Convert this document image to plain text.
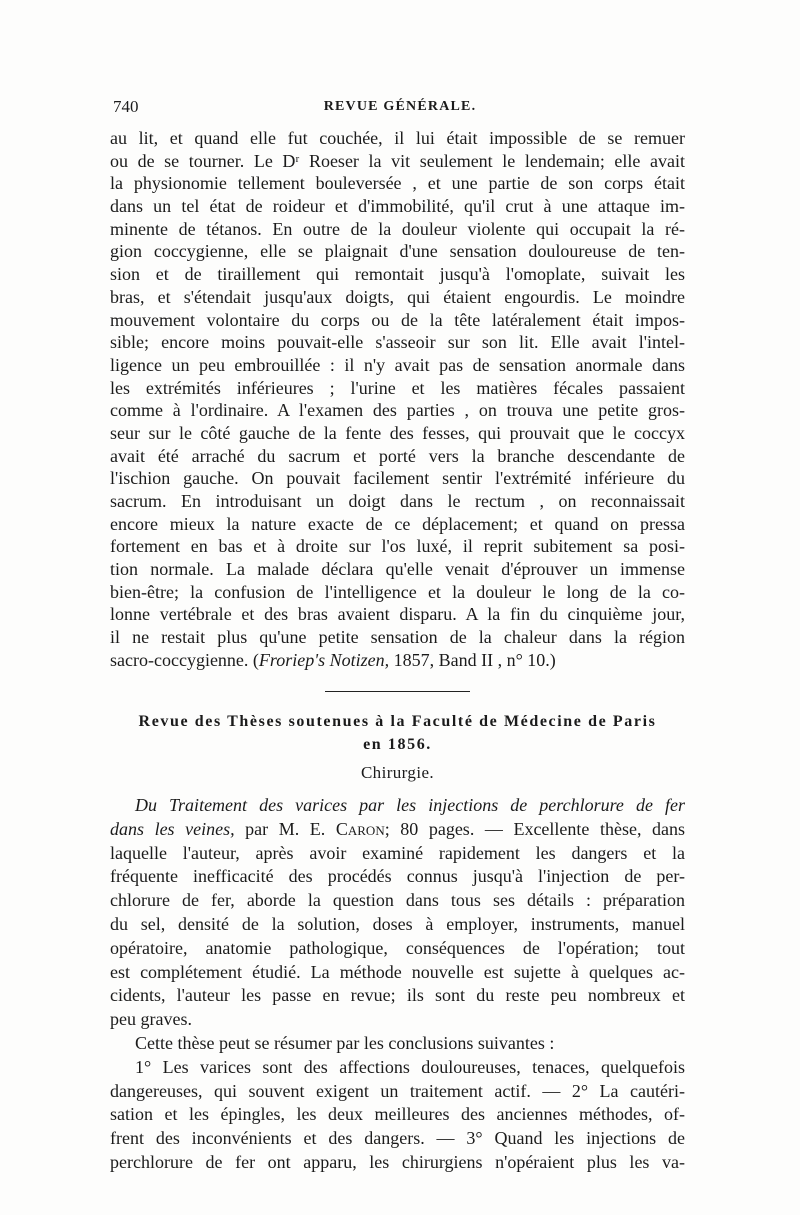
740	REVUE GÉNÉRALE.
au lit, et quand elle fut couchée, il lui était impossible de se remuer
ou de se tourner. Le Dʳ Roeser la vit seulement le lendemain; elle avait
la physionomie tellement bouleversée , et une partie de son corps était
dans un tel état de roideur et d'immobilité, qu'il crut à une attaque im-
minente de tétanos. En outre de la douleur violente qui occupait la ré-
gion coccygienne, elle se plaignait d'une sensation douloureuse de ten-
sion et de tiraillement qui remontait jusqu'à l'omoplate, suivait les
bras, et s'étendait jusqu'aux doigts, qui étaient engourdis. Le moindre
mouvement volontaire du corps ou de la tête latéralement était impos-
sible; encore moins pouvait-elle s'asseoir sur son lit. Elle avait l'intel-
ligence un peu embrouillée : il n'y avait pas de sensation anormale dans
les extrémités inférieures ; l'urine et les matières fécales passaient
comme à l'ordinaire. A l'examen des parties , on trouva une petite gros-
seur sur le côté gauche de la fente des fesses, qui prouvait que le coccyx
avait été arraché du sacrum et porté vers la branche descendante de
l'ischion gauche. On pouvait facilement sentir l'extrémité inférieure du
sacrum. En introduisant un doigt dans le rectum , on reconnaissait
encore mieux la nature exacte de ce déplacement; et quand on pressa
fortement en bas et à droite sur l'os luxé, il reprit subitement sa posi-
tion normale. La malade déclara qu'elle venait d'éprouver un immense
bien-être; la confusion de l'intelligence et la douleur le long de la co-
lonne vertébrale et des bras avaient disparu. A la fin du cinquième jour,
il ne restait plus qu'une petite sensation de la chaleur dans la région
sacro-coccygienne. (Froriep's Notizen, 1857, Band II , n° 10.)
Revue des Thèses soutenues à la Faculté de Médecine de Paris
en 1856.
Chirurgie.
Du Traitement des varices par les injections de perchlorure de fer
dans les veines, par M. E. Caron; 80 pages. — Excellente thèse, dans
laquelle l'auteur, après avoir examiné rapidement les dangers et la
fréquente inefficacité des procédés connus jusqu'à l'injection de per-
chlorure de fer, aborde la question dans tous ses détails : préparation
du sel, densité de la solution, doses à employer, instruments, manuel
opératoire, anatomie pathologique, conséquences de l'opération; tout
est complétement étudié. La méthode nouvelle est sujette à quelques ac-
cidents, l'auteur les passe en revue; ils sont du reste peu nombreux et
peu graves.
Cette thèse peut se résumer par les conclusions suivantes :
1° Les varices sont des affections douloureuses, tenaces, quelquefois
dangereuses, qui souvent exigent un traitement actif. — 2° La cautéri-
sation et les épingles, les deux meilleures des anciennes méthodes, of-
frent des inconvénients et des dangers. — 3° Quand les injections de
perchlorure de fer ont apparu, les chirurgiens n'opéraient plus les va-
